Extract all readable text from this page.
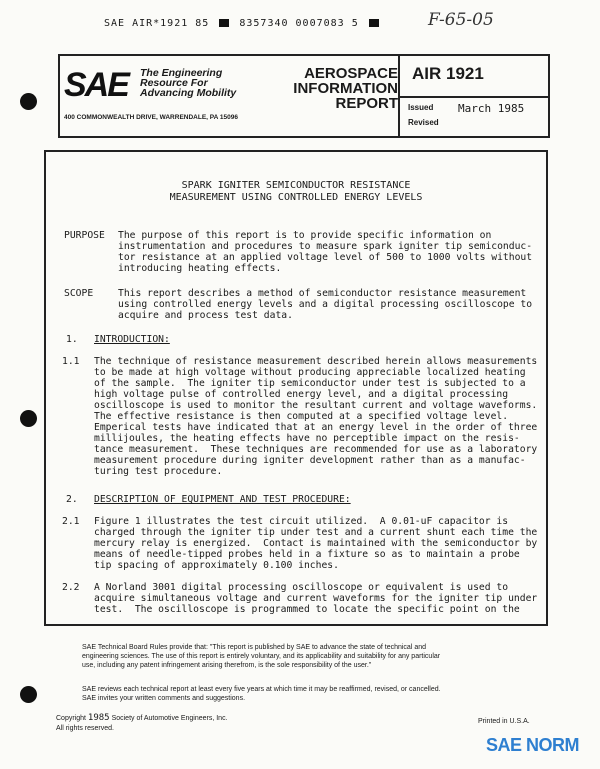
SAE AIR*1921 85	8357340 0007083 5	F-65-05
SAE The Engineering
Resource For
Advancing Mobility
400 COMMONWEALTH DRIVE, WARRENDALE, PA 15096
AEROSPACE
INFORMATION
REPORT
AIR 1921
Issued
Revised
March 1985
SPARK IGNITER SEMICONDUCTOR RESISTANCE
MEASUREMENT USING CONTROLLED ENERGY LEVELS
PURPOSE The purpose of this report is to provide specific information on
instrumentation and procedures to measure spark igniter tip semiconduc-
tor resistance at an applied voltage level of 500 to 1000 volts without
introducing heating effects.
SCOPE	This report describes a method of semiconductor resistance measurement
using controlled energy levels and a digital processing oscilloscope to
acquire and process test data.
1. INTRODUCTION:
1.1 The technique of resistance measurement described herein allows measurements
to be made at high voltage without producing appreciable localized heating
of the sample.  The igniter tip semiconductor under test is subjected to a
high voltage pulse of controlled energy level, and a digital processing
oscilloscope is used to monitor the resultant current and voltage waveforms.
The effective resistance is then computed at a specified voltage level.
Emperical tests have indicated that at an energy level in the order of three
millijoules, the heating effects have no perceptible impact on the resis-
tance measurement.  These techniques are recommended for use as a laboratory
measurement procedure during igniter development rather than as a manufac-
turing test procedure.
2. DESCRIPTION OF EQUIPMENT AND TEST PROCEDURE:
2.1 Figure 1 illustrates the test circuit utilized.  A 0.01-uF capacitor is
charged through the igniter tip under test and a current shunt each time the
mercury relay is energized.  Contact is maintained with the semiconductor by
means of needle-tipped probes held in a fixture so as to maintain a probe
tip spacing of approximately 0.100 inches.
2.2 A Norland 3001 digital processing oscilloscope or equivalent is used to
acquire simultaneous voltage and current waveforms for the igniter tip under
test.  The oscilloscope is programmed to locate the specific point on the
SAE Technical Board Rules provide that: "This report is published by SAE to advance the state of technical and
engineering sciences. The use of this report is entirely voluntary, and its applicability and suitability for any particular
use, including any patent infringement arising therefrom, is the sole responsibility of the user."
SAE reviews each technical report at least every five years at which time it may be reaffirmed, revised, or cancelled.
SAE invites your written comments and suggestions.
Copyright 1985 Society of Automotive Engineers, Inc.
All rights reserved.
Printed in U.S.A.
SAE NORM
